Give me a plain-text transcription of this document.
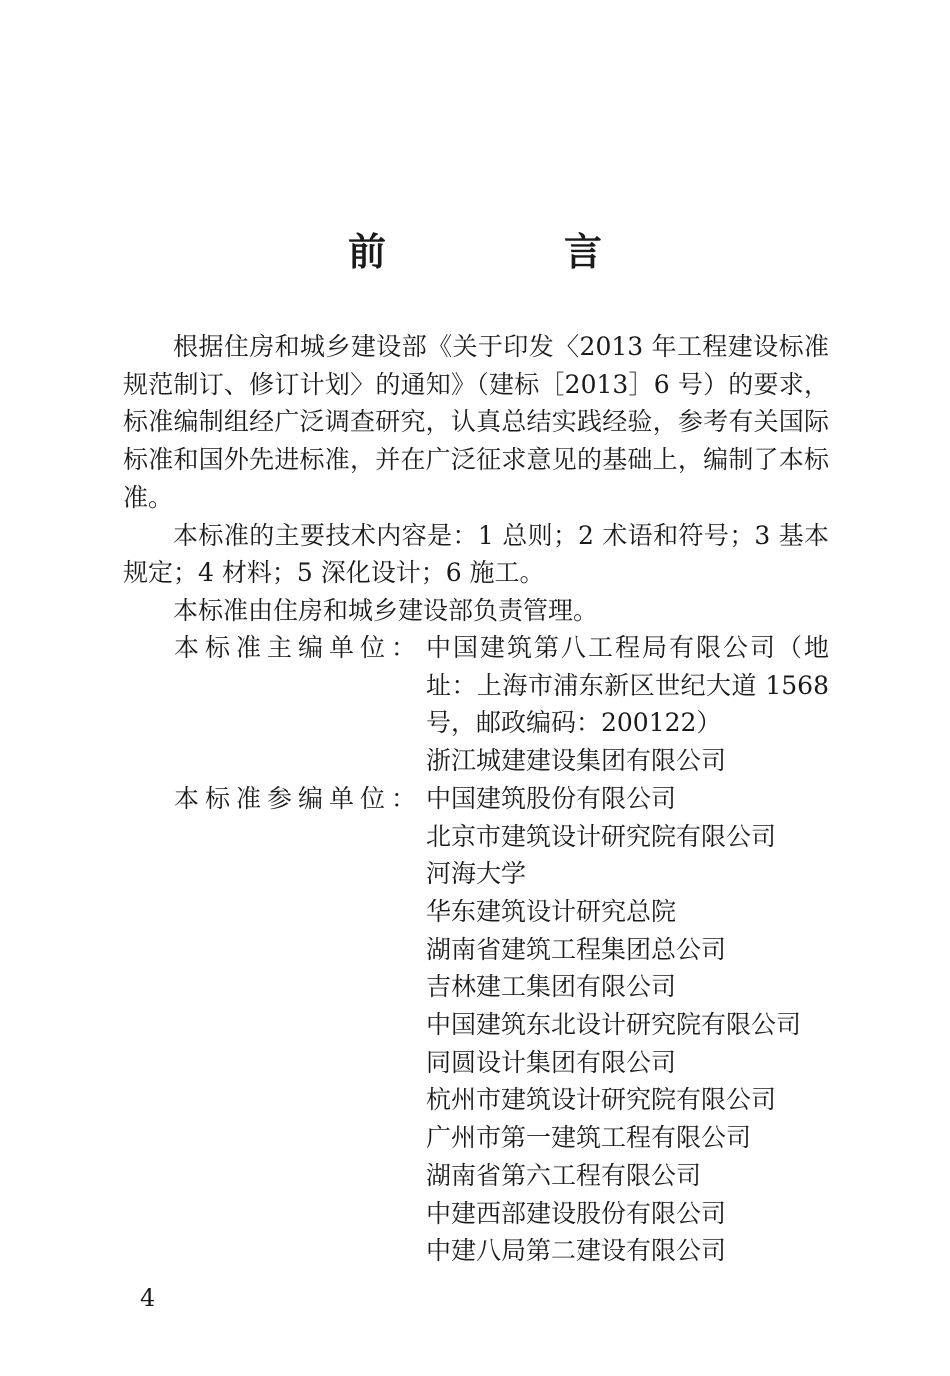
前　言

根据住房和城乡建设部《关于印发〈2013 年工程建设标准规范制订、修订计划〉的通知》（建标［2013］6 号）的要求，标准编制组经广泛调查研究，认真总结实践经验，参考有关国际标准和国外先进标准，并在广泛征求意见的基础上，编制了本标准。

本标准的主要技术内容是：1 总则；2 术语和符号；3 基本规定；4 材料；5 深化设计；6 施工。

本标准由住房和城乡建设部负责管理。

本标准主编单位： 中国建筑第八工程局有限公司（地址：上海市浦东新区世纪大道 1568 号，邮政编码：200122）
浙江城建建设集团有限公司
本标准参编单位： 中国建筑股份有限公司
北京市建筑设计研究院有限公司
河海大学
华东建筑设计研究总院
湖南省建筑工程集团总公司
吉林建工集团有限公司
中国建筑东北设计研究院有限公司
同圆设计集团有限公司
杭州市建筑设计研究院有限公司
广州市第一建筑工程有限公司
湖南省第六工程有限公司
中建西部建设股份有限公司
中建八局第二建设有限公司
4
